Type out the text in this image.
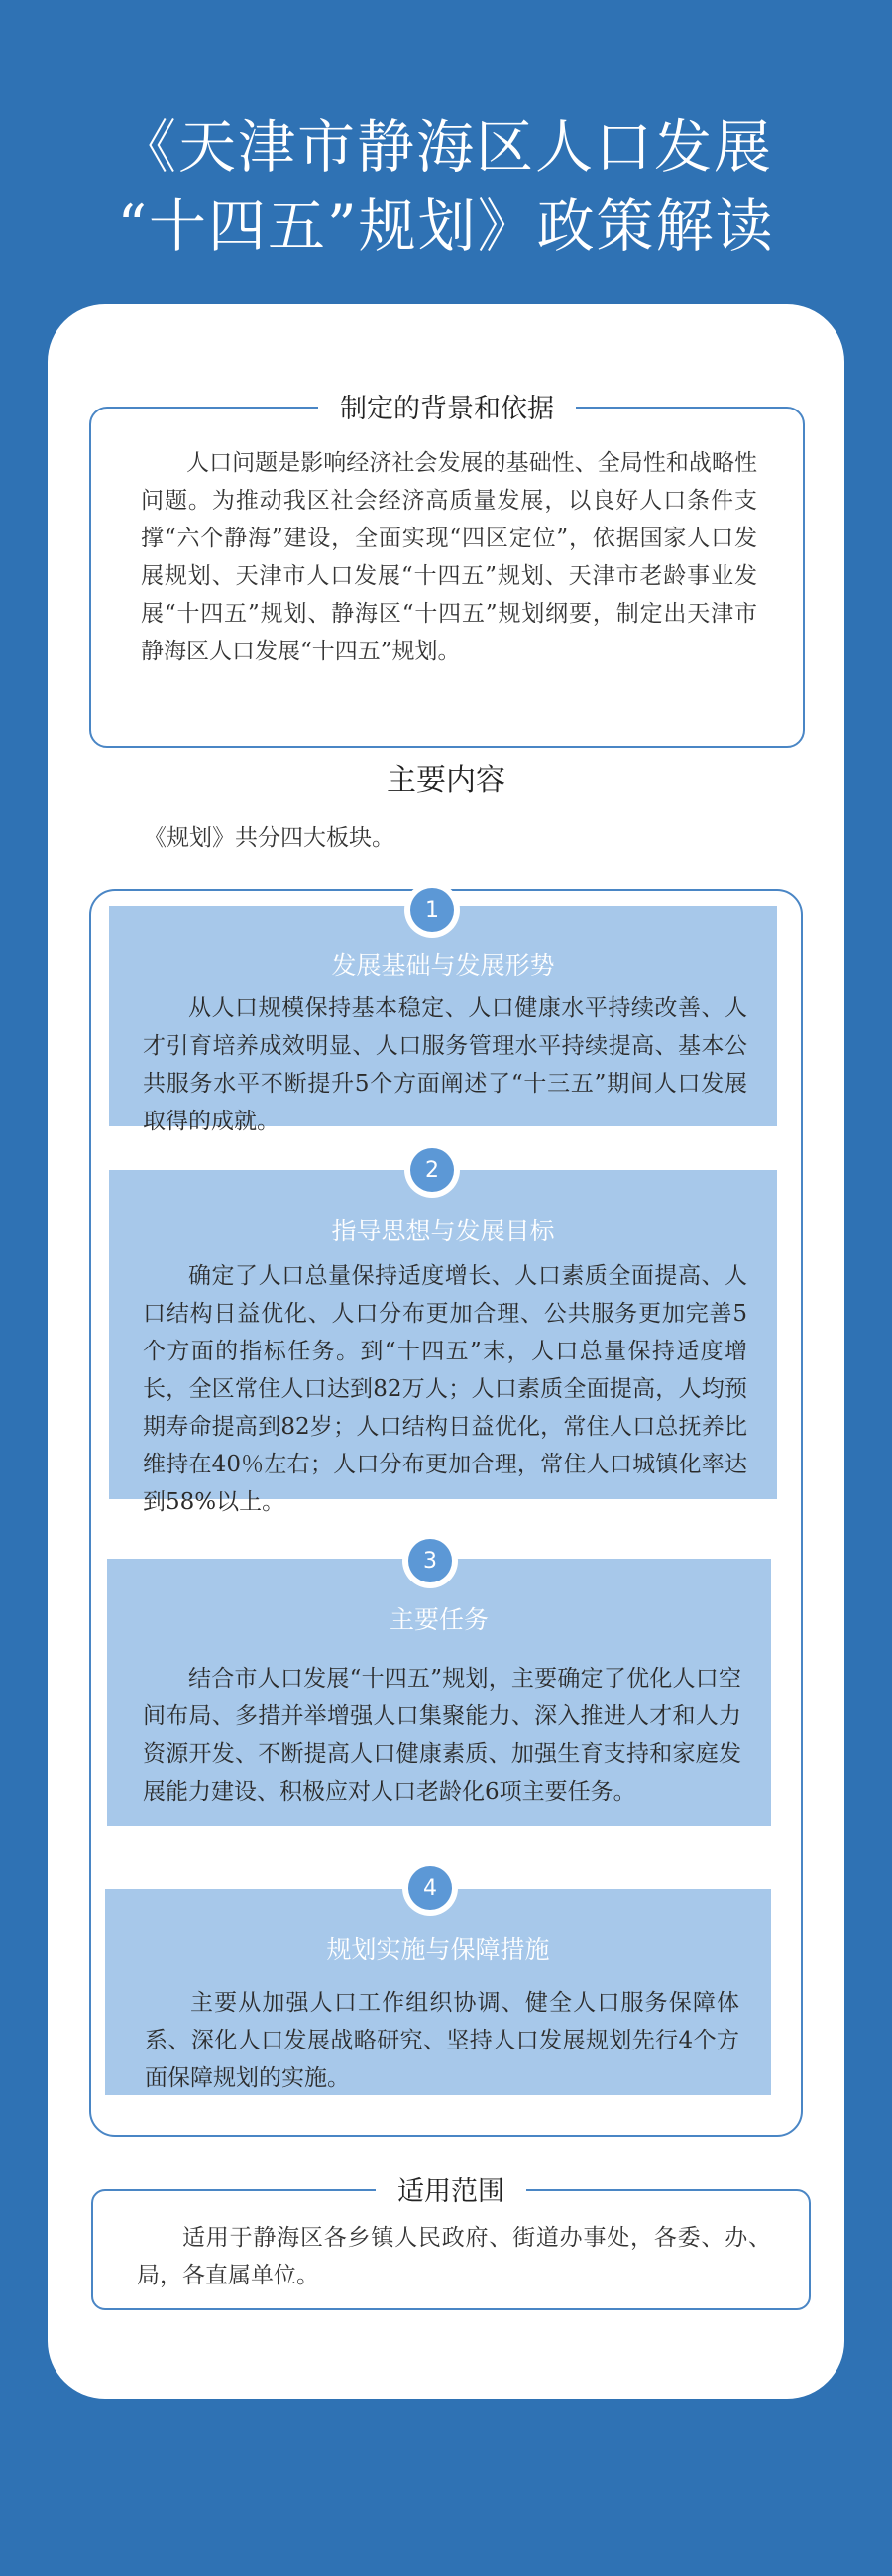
《天津市静海区人口发展
“十四五”规划》政策解读
制定的背景和依据

人口问题是影响经济社会发展的基础性、全局性和战略性问题。为推动我区社会经济高质量发展，以良好人口条件支撑“六个静海”建设，全面实现“四区定位”，依据国家人口发展规划、天津市人口发展“十四五”规划、天津市老龄事业发展“十四五”规划、静海区“十四五”规划纲要，制定出天津市静海区人口发展“十四五”规划。

主要内容
《规划》共分四大板块。

发展基础与发展形势

从人口规模保持基本稳定、人口健康水平持续改善、人才引育培养成效明显、人口服务管理水平持续提高、基本公共服务水平不断提升5个方面阐述了“十三五”期间人口发展取得的成就。

1

指导思想与发展目标

确定了人口总量保持适度增长、人口素质全面提高、人口结构日益优化、人口分布更加合理、公共服务更加完善5个方面的指标任务。到“十四五”末，人口总量保持适度增长，全区常住人口达到82万人；人口素质全面提高，人均预期寿命提高到82岁；人口结构日益优化，常住人口总抚养比维持在40％左右；人口分布更加合理，常住人口城镇化率达到58%以上。

2

主要任务

结合市人口发展“十四五”规划，主要确定了优化人口空间布局、多措并举增强人口集聚能力、深入推进人才和人力资源开发、不断提高人口健康素质、加强生育支持和家庭发展能力建设、积极应对人口老龄化6项主要任务。

3

规划实施与保障措施

主要从加强人口工作组织协调、健全人口服务保障体系、深化人口发展战略研究、坚持人口发展规划先行4个方面保障规划的实施。

4
适用范围

适用于静海区各乡镇人民政府、街道办事处，各委、办、局，各直属单位。
